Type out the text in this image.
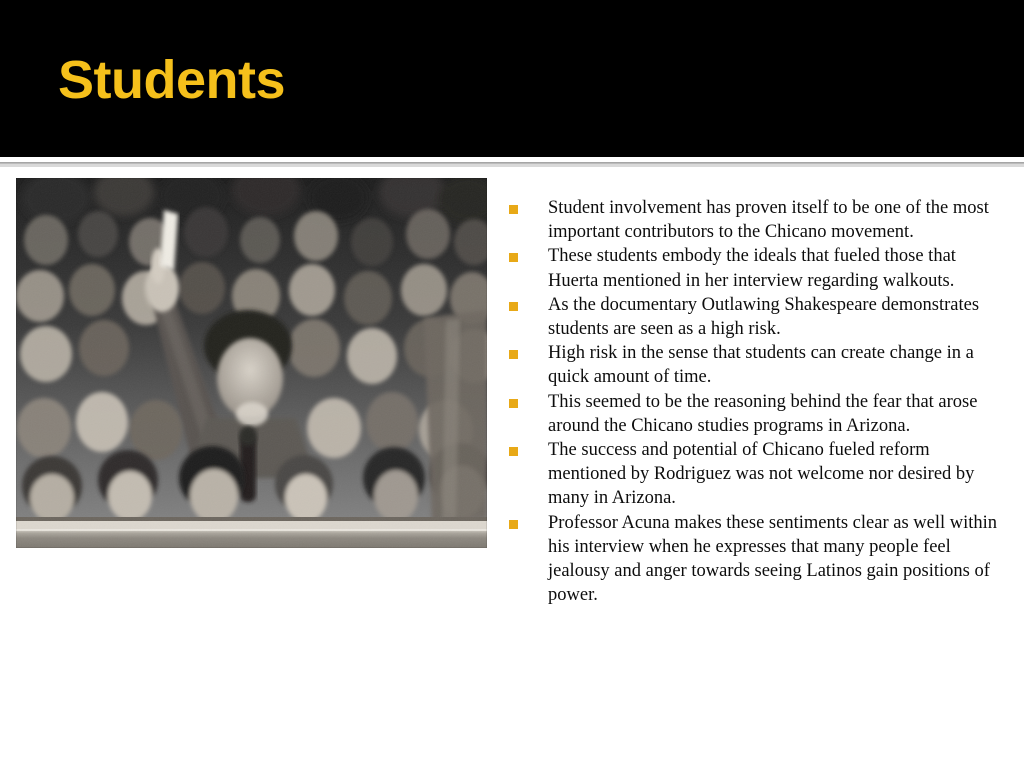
Students
Student involvement has proven itself to be one of the most important contributors to the Chicano movement.
These students embody the ideals that fueled those that Huerta mentioned in her interview regarding walkouts.
As the documentary Outlawing Shakespeare demonstrates students are seen as a high risk.
High risk in the sense that students can create change in a quick amount of time.
This seemed to be the reasoning behind the fear that arose around the Chicano studies programs in Arizona.
The success and potential of Chicano fueled reform mentioned by Rodriguez was not welcome nor desired by many in Arizona.
Professor Acuna makes these sentiments clear as well within his interview when he expresses that many people feel jealousy and anger towards seeing Latinos gain positions of power.
